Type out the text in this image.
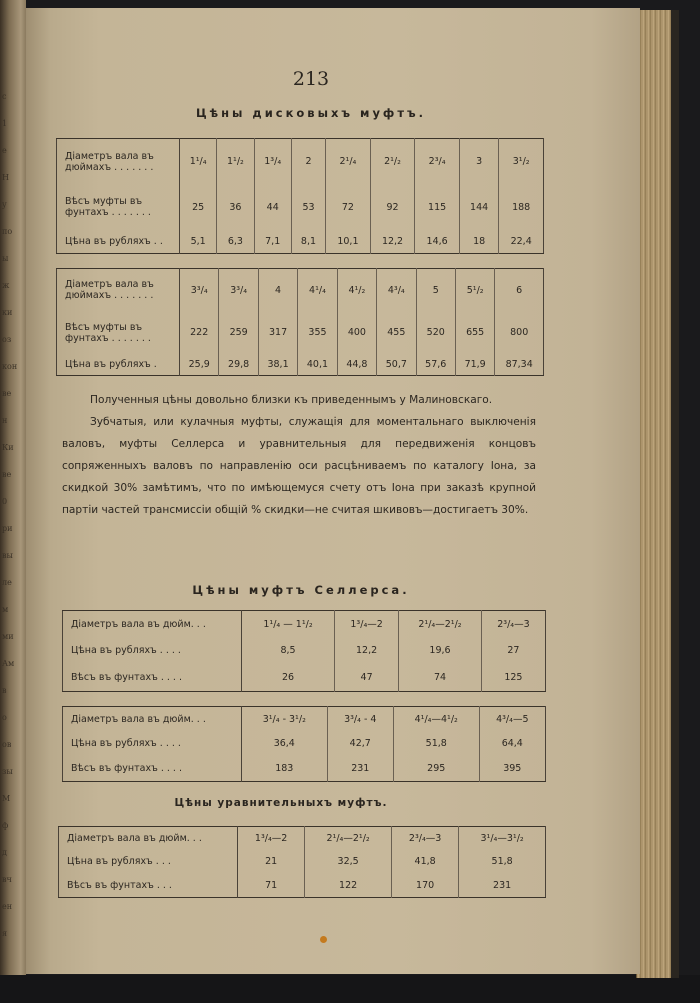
с
1
е
Н
у
по
ы
ж
ки
оз
кон
ве
н
Ки
ве
0
ри
вы
ле
м
ми
Ам
в
о
ов
зы
М
ф
д
вч
ен
я
213
Цѣны дисковыхъ муфтъ.
Діаметръ вала въ дюймахъ . . . . . . .	1¹/₄	1¹/₂	1³/₄	2	2¹/₄	2¹/₂	2³/₄	3	3¹/₂
Вѣсъ муфты въ фунтахъ . . . . . . .	25	36	44	53	72	92	115	144	188
Цѣна въ рубляхъ . .	5,1	6,3	7,1	8,1	10,1	12,2	14,6	18	22,4
Діаметръ вала въ дюймахъ . . . . . . .	3³/₄	3³/₄	4	4¹/₄	4¹/₂	4³/₄	5	5¹/₂	6
Вѣсъ муфты въ фунтахъ . . . . . . .	222	259	317	355	400	455	520	655	800
Цѣна въ рубляхъ .	25,9	29,8	38,1	40,1	44,8	50,7	57,6	71,9	87,34

Полученныя цѣны довольно близки къ приведеннымъ у Малиновскаго.

Зубчатыя, или кулачныя муфты, служащія для моментальнаго выключенія валовъ, муфты Селлерса и уравнительныя для передвиженія концовъ сопряженныхъ валовъ по направленію оси расцѣниваемъ по каталогу Іона, за скидкой 30% замѣтимъ, что по имѣющемуся счету отъ Іона при заказѣ крупной партіи частей трансмиссіи общiй % скидки—не считая шкивовъ—достигаетъ 30%.

Цѣны муфтъ Селлерса.
Діаметръ вала въ дюйм. . .	1¹/₄ — 1¹/₂	1³/₄—2	2¹/₄—2¹/₂	2³/₄—3
Цѣна въ рубляхъ . . . .	8,5	12,2	19,6	27
Вѣсъ въ фунтахъ . . . .	26	47	74	125
Діаметръ вала въ дюйм. . .	3¹/₄ - 3¹/₂	3³/₄ - 4	4¹/₄—4¹/₂	4³/₄—5
Цѣна въ рубляхъ . . . .	36,4	42,7	51,8	64,4
Вѣсъ въ фунтахъ . . . .	183	231	295	395
Цѣны уравнительныхъ муфтъ.
Діаметръ вала въ дюйм. . .	1³/₄—2	2¹/₄—2¹/₂	2³/₄—3	3¹/₄—3¹/₂
Цѣна въ рубляхъ . . .	21	32,5	41,8	51,8
Вѣсъ въ фунтахъ . . .	71	122	170	231
